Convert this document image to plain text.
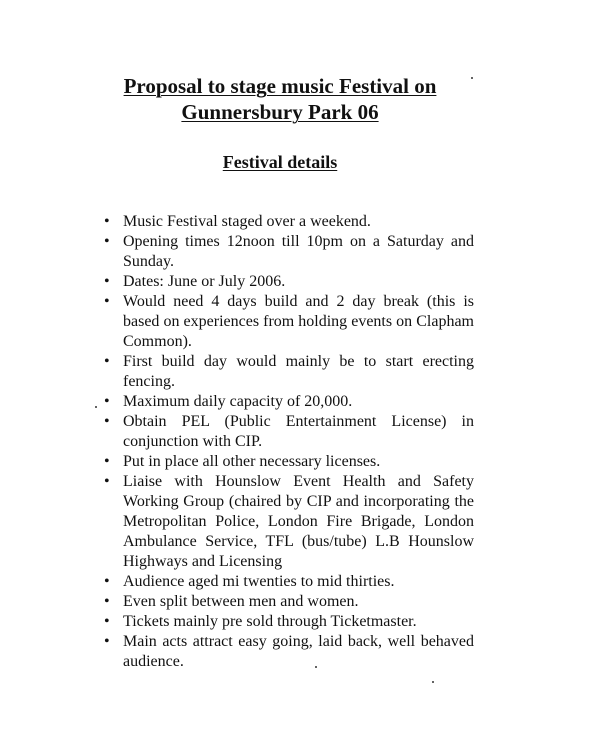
Proposal to stage music Festival on
Gunnersbury Park 06
Festival details
• Music Festival staged over a weekend.
• Opening times 12noon till 10pm on a Saturday and Sunday.
• Dates: June or July 2006.
• Would need 4 days build and 2 day break (this is based on experiences from holding events on Clapham Common).
• First build day would mainly be to start erecting fencing.
• Maximum daily capacity of 20,000.
• Obtain PEL (Public Entertainment License) in conjunction with CIP.
• Put in place all other necessary licenses.
• Liaise with Hounslow Event Health and Safety Working Group (chaired by CIP and incorporating the Metropolitan Police, London Fire Brigade, London Ambulance Service, TFL (bus/tube) L.B Hounslow Highways and Licensing
• Audience aged mi twenties to mid thirties.
• Even split between men and women.
• Tickets mainly pre sold through Ticketmaster.
• Main acts attract easy going, laid back, well behaved audience.
